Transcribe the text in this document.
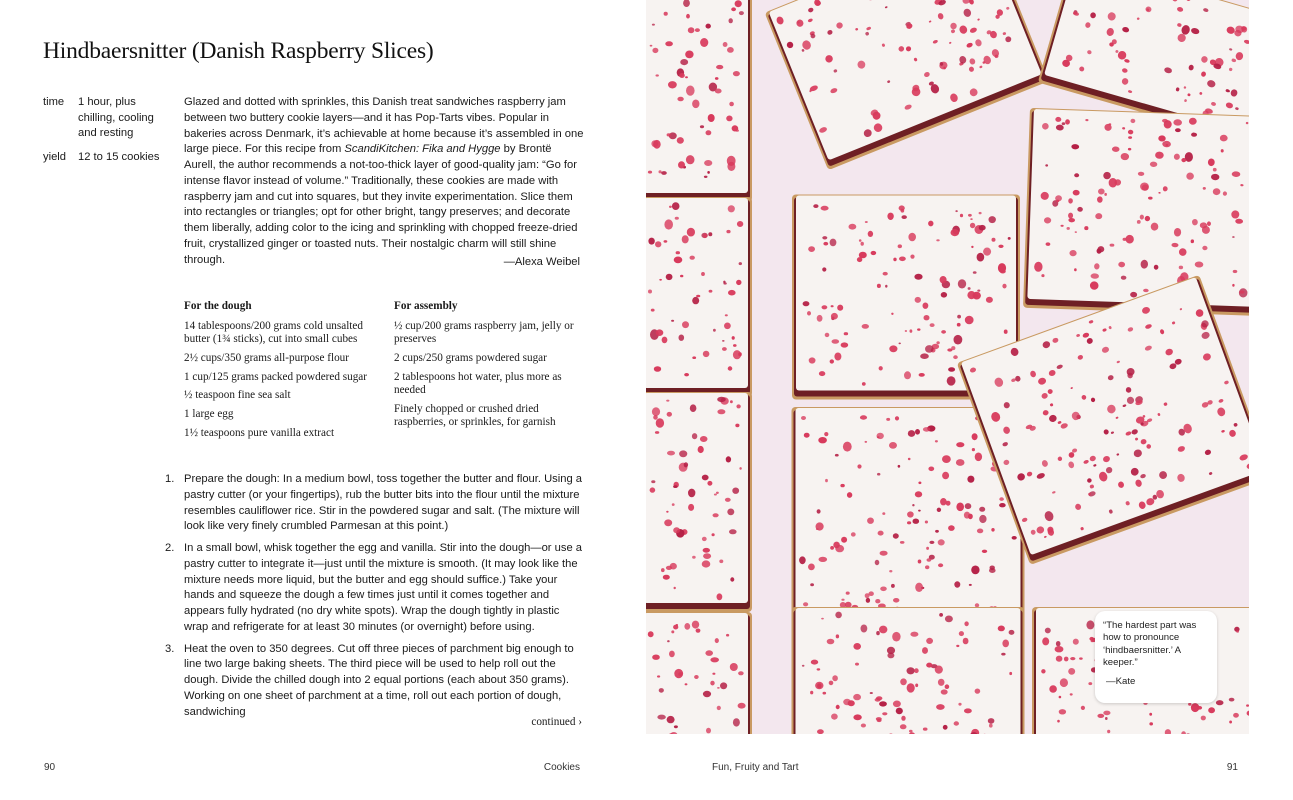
Hindbaersnitter (Danish Raspberry Slices)
time	1 hour, plus chilling, cooling and resting
yield	12 to 15 cookies

Glazed and dotted with sprinkles, this Danish treat sandwiches raspberry jam between two buttery cookie layers—and it has Pop-Tarts vibes. Popular in bakeries across Denmark, it’s achievable at home because it’s assembled in one large piece. For this recipe from ScandiKitchen: Fika and Hygge by Brontë Aurell, the author recommends a not-too-thick layer of good-quality jam: “Go for intense flavor instead of volume.” Traditionally, these cookies are made with raspberry jam and cut into squares, but they invite experimentation. Slice them into rectangles or triangles; opt for other bright, tangy preserves; and decorate them liberally, adding color to the icing and sprinkling with chopped freeze-dried fruit, crystallized ginger or toasted nuts. Their nostalgic charm will still shine through.	—Alexa Weibel
For the dough
14 tablespoons/200 grams cold unsalted butter (1¾ sticks), cut into small cubes
2½ cups/350 grams all-purpose flour
1 cup/125 grams packed powdered sugar
½ teaspoon fine sea salt
1 large egg
1½ teaspoons pure vanilla extract
For assembly
½ cup/200 grams raspberry jam, jelly or preserves
2 cups/250 grams powdered sugar
2 tablespoons hot water, plus more as needed
Finely chopped or crushed dried raspberries, or sprinkles, for garnish
1. Prepare the dough: In a medium bowl, toss together the butter and flour. Using a pastry cutter (or your fingertips), rub the butter bits into the flour until the mixture resembles cauliflower rice. Stir in the powdered sugar and salt. (The mixture will look like very finely crumbled Parmesan at this point.)
2. In a small bowl, whisk together the egg and vanilla. Stir into the dough—or use a pastry cutter to integrate it—just until the mixture is smooth. (It may look like the mixture needs more liquid, but the butter and egg should suffice.) Take your hands and squeeze the dough a few times just until it comes together and appears fully hydrated (no dry white spots). Wrap the dough tightly in plastic wrap and refrigerate for at least 30 minutes (or overnight) before using.
3. Heat the oven to 350 degrees. Cut off three pieces of parchment big enough to line two large baking sheets. The third piece will be used to help roll out the dough. Divide the chilled dough into 2 equal portions (each about 350 grams). Working on one sheet of parchment at a time, roll out each portion of dough, sandwiching
continued ›
90	Cookies

“The hardest part was how to pronounce ‘hindbaersnitter.’ A keeper.”

—Kate
Fun, Fruity and Tart	91
